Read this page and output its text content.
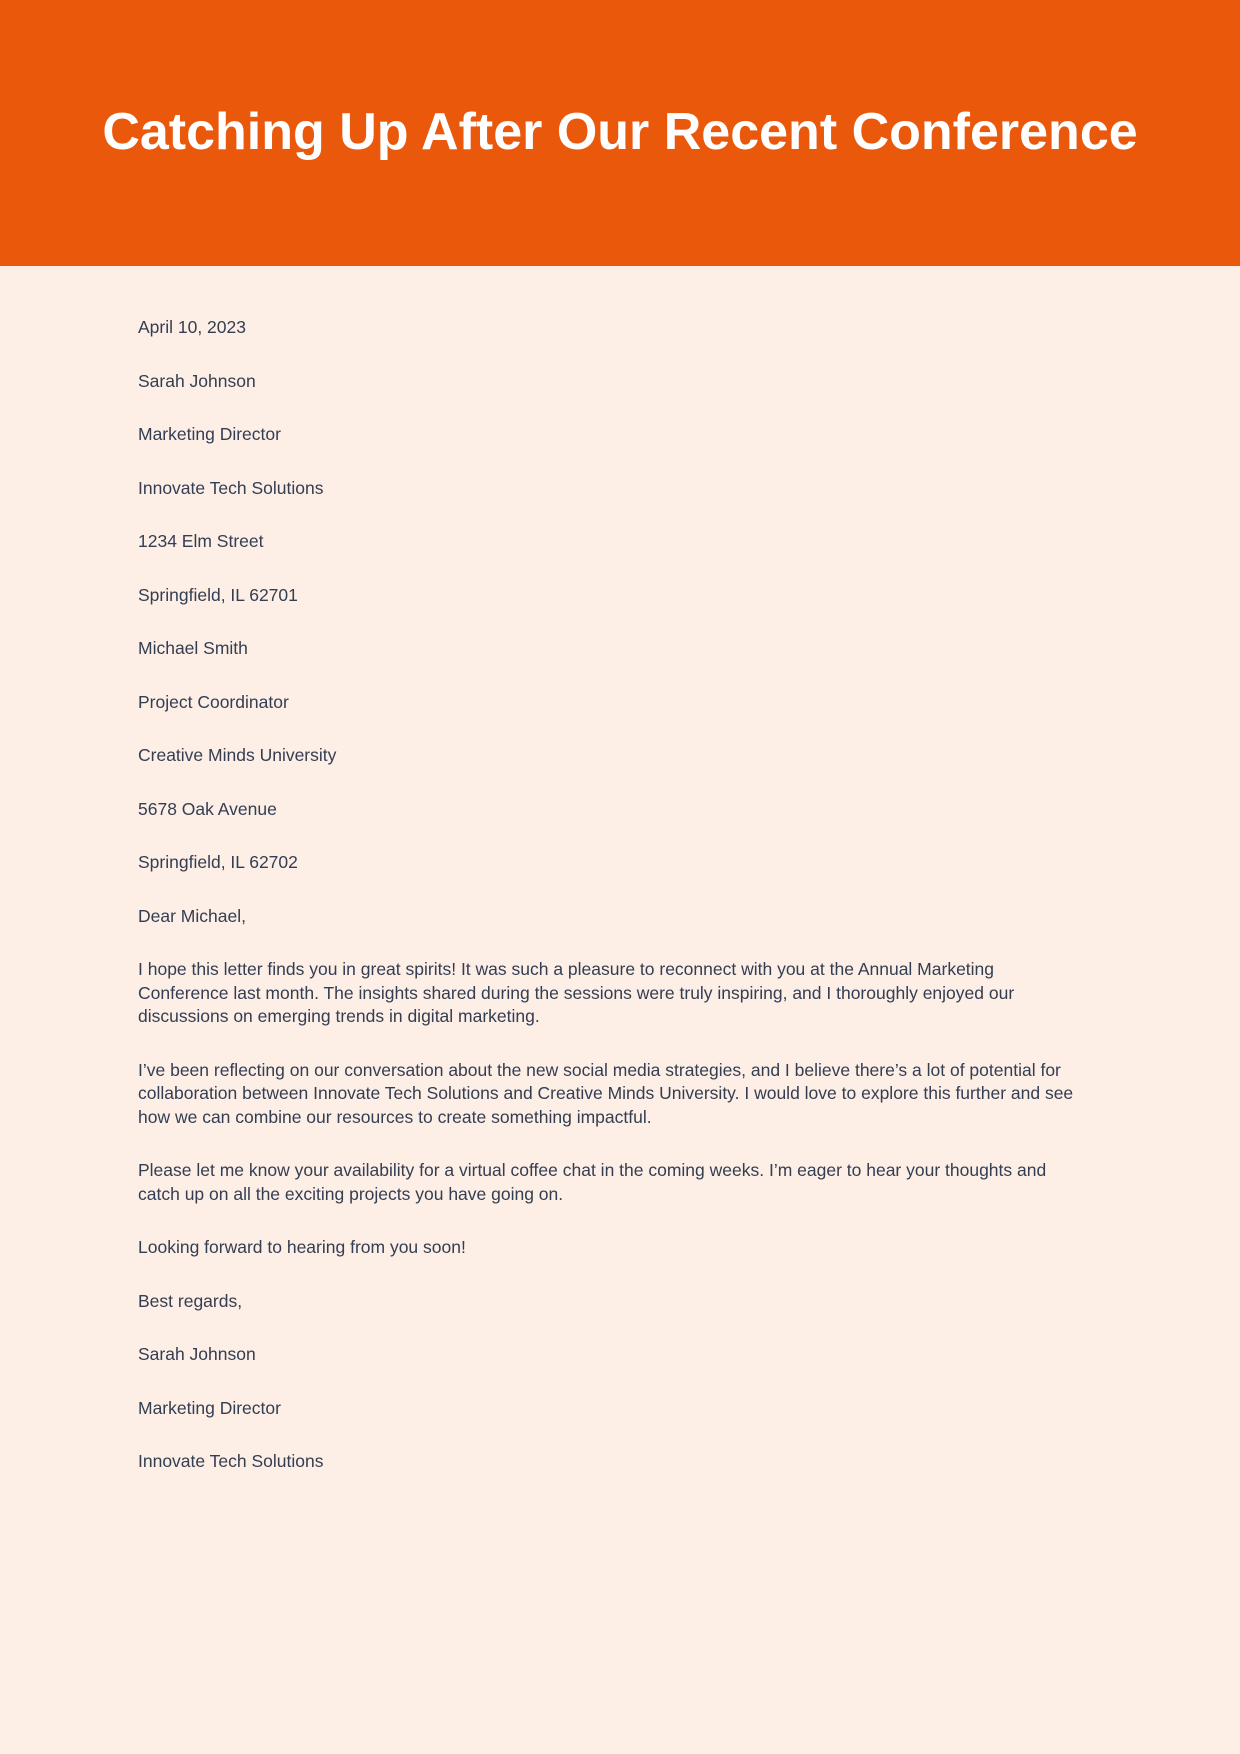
Catching Up After Our Recent Conference

April 10, 2023

Sarah Johnson

Marketing Director

Innovate Tech Solutions

1234 Elm Street

Springfield, IL 62701

Michael Smith

Project Coordinator

Creative Minds University

5678 Oak Avenue

Springfield, IL 62702

Dear Michael,

I hope this letter finds you in great spirits! It was such a pleasure to reconnect with you at the Annual Marketing Conference last month. The insights shared during the sessions were truly inspiring, and I thoroughly enjoyed our discussions on emerging trends in digital marketing.

I’ve been reflecting on our conversation about the new social media strategies, and I believe there’s a lot of potential for collaboration between Innovate Tech Solutions and Creative Minds University. I would love to explore this further and see how we can combine our resources to create something impactful.

Please let me know your availability for a virtual coffee chat in the coming weeks. I’m eager to hear your thoughts and catch up on all the exciting projects you have going on.

Looking forward to hearing from you soon!

Best regards,

Sarah Johnson

Marketing Director

Innovate Tech Solutions
